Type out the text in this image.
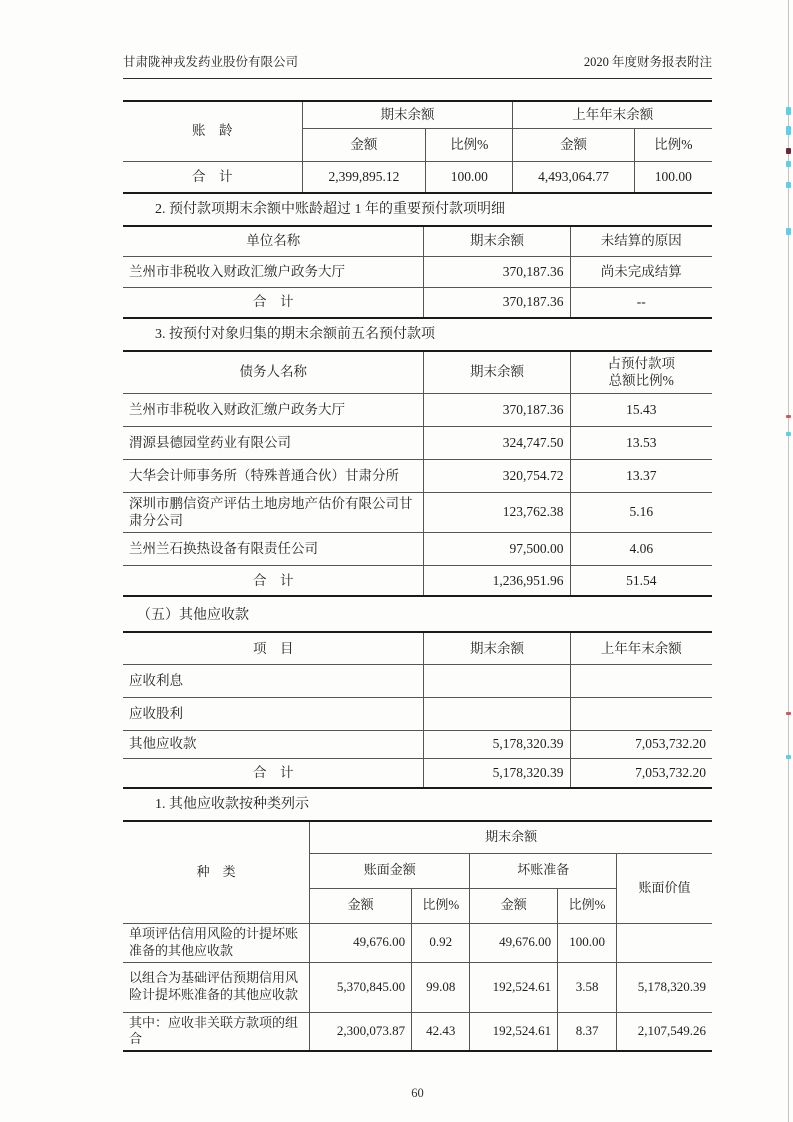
甘肃陇神戎发药业股份有限公司	2020 年度财务报表附注
账　龄	期末余额		上年年末余额	
	金额	比例%	金额	比例%
合　计	2,399,895.12	100.00	4,493,064.77	100.00
2. 预付款项期末余额中账龄超过 1 年的重要预付款项明细
单位名称	期末余额	未结算的原因
兰州市非税收入财政汇缴户政务大厅	370,187.36	尚未完成结算
合　计	370,187.36	--
3. 按预付对象归集的期末余额前五名预付款项
债务人名称	期末余额	占预付款项
总额比例%

兰州市非税收入财政汇缴户政务大厅	370,187.36	15.43
渭源县德园堂药业有限公司	324,747.50	13.53
大华会计师事务所（特殊普通合伙）甘肃分所	320,754.72	13.37
深圳市鹏信资产评估土地房地产估价有限公司甘肃分公司	123,762.38	5.16
兰州兰石换热设备有限责任公司	97,500.00	4.06
合　计	1,236,951.96	51.54
（五）其他应收款
项　目	期末余额	上年年末余额
应收利息		
应收股利		
其他应收款	5,178,320.39	7,053,732.20
合　计	5,178,320.39	7,053,732.20
1. 其他应收款按种类列示
种　类	期末余额				
	账面金额		坏账准备		账面价值
	金额	比例%	金额	比例%	
单项评估信用风险的计提坏账准备的其他应收款	49,676.00	0.92	49,676.00	100.00	
以组合为基础评估预期信用风险计提坏账准备的其他应收款	5,370,845.00	99.08	192,524.61	3.58	5,178,320.39
其中：应收非关联方款项的组合	2,300,073.87	42.43	192,524.61	8.37	2,107,549.26
60
